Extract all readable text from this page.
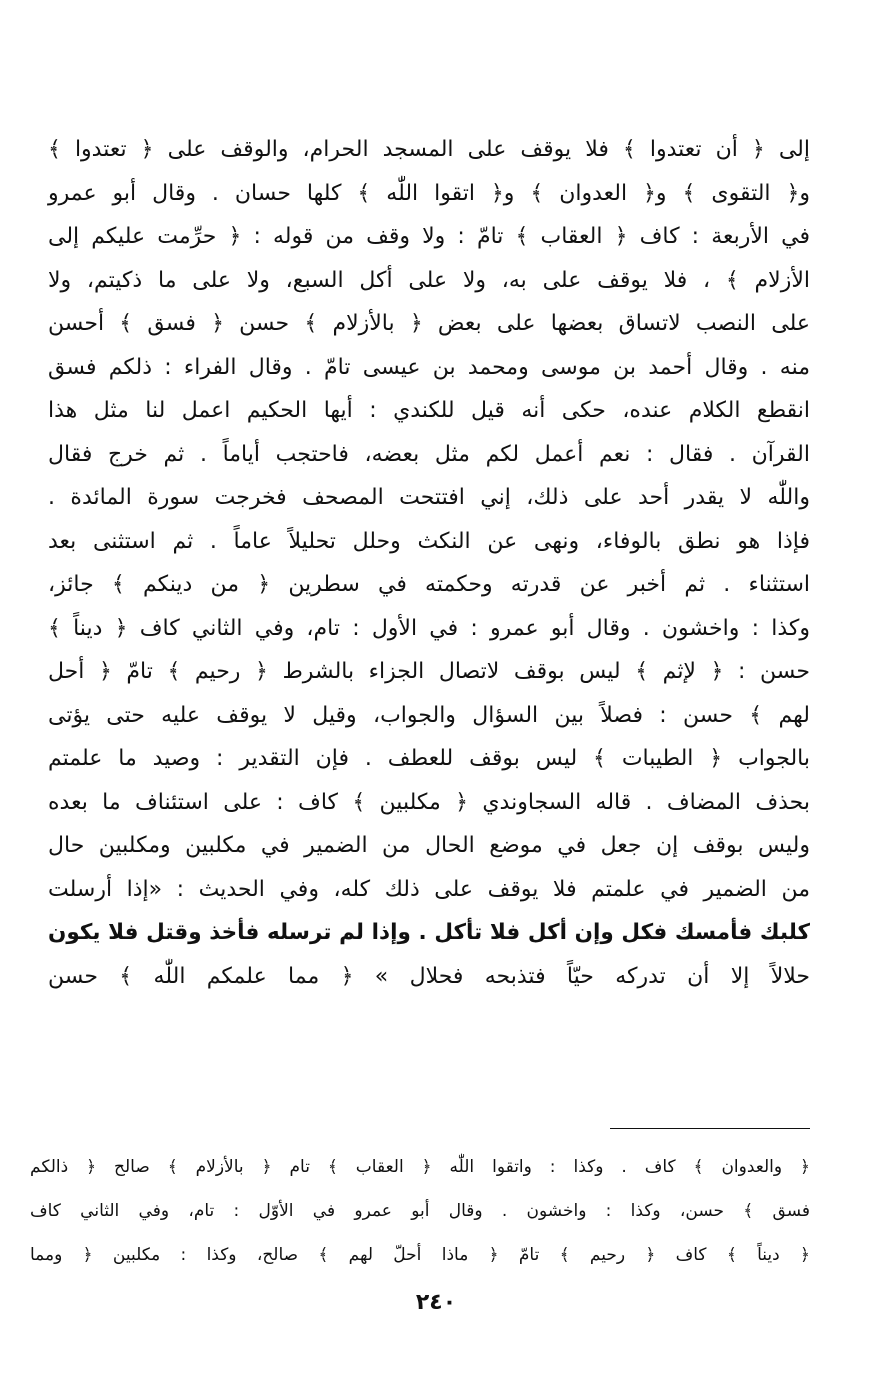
إلى ﴿ أن تعتدوا ﴾ فلا يوقف على المسجد الحرام، والوقف على ﴿ تعتدوا ﴾
و﴿ التقوى ﴾ و﴿ العدوان ﴾ و﴿ اتقوا اللّٰه ﴾ كلها حسان . وقال أبو عمرو
في الأربعة : كاف ﴿ العقاب ﴾ تامّ : ولا وقف من قوله : ﴿ حرِّمت عليكم إلى
الأزلام ﴾ ، فلا يوقف على به، ولا على أكل السبع، ولا على ما ذكيتم، ولا
على النصب لاتساق بعضها على بعض ﴿ بالأزلام ﴾ حسن ﴿ فسق ﴾ أحسن
منه . وقال أحمد بن موسى ومحمد بن عيسى تامّ . وقال الفراء : ذلكم فسق
انقطع الكلام عنده، حكى أنه قيل للكندي : أيها الحكيم اعمل لنا مثل هذا
القرآن . فقال : نعم أعمل لكم مثل بعضه، فاحتجب أياماً . ثم خرج فقال
واللّٰه لا يقدر أحد على ذلك، إني افتتحت المصحف فخرجت سورة المائدة .
فإذا هو نطق بالوفاء، ونهى عن النكث وحلل تحليلاً عاماً . ثم استثنى بعد
استثناء . ثم أخبر عن قدرته وحكمته في سطرين ﴿ من دينكم ﴾ جائز،
وكذا : واخشون . وقال أبو عمرو : في الأول : تام، وفي الثاني كاف ﴿ ديناً ﴾
حسن : ﴿ لإثم ﴾ ليس بوقف لاتصال الجزاء بالشرط ﴿ رحيم ﴾ تامّ ﴿ أحل
لهم ﴾ حسن : فصلاً بين السؤال والجواب، وقيل لا يوقف عليه حتى يؤتى
بالجواب ﴿ الطيبات ﴾ ليس بوقف للعطف . فإن التقدير : وصيد ما علمتم
بحذف المضاف . قاله السجاوندي ﴿ مكلبين ﴾ كاف : على استئناف ما بعده
وليس بوقف إن جعل في موضع الحال من الضمير في مكلبين ومكلبين حال
من الضمير في علمتم فلا يوقف على ذلك كله، وفي الحديث : «إذا أرسلت
كلبك فأمسك فكل وإن أكل فلا تأكل . وإذا لم ترسله فأخذ وقتل فلا يكون
حلالاً إلا أن تدركه حيّاً فتذبحه فحلال » ﴿ مما علمكم اللّٰه ﴾ حسن
﴿ والعدوان ﴾ كاف . وكذا : واتقوا اللّٰه ﴿ العقاب ﴾ تام ﴿ بالأزلام ﴾ صالح ﴿ ذالكم
فسق ﴾ حسن، وكذا : واخشون . وقال أبو عمرو في الأوّل : تام، وفي الثاني كاف
﴿ ديناً ﴾ كاف ﴿ رحيم ﴾ تامّ ﴿ ماذا أحلّ لهم ﴾ صالح، وكذا : مكلبين ﴿ ومما
٢٤٠
